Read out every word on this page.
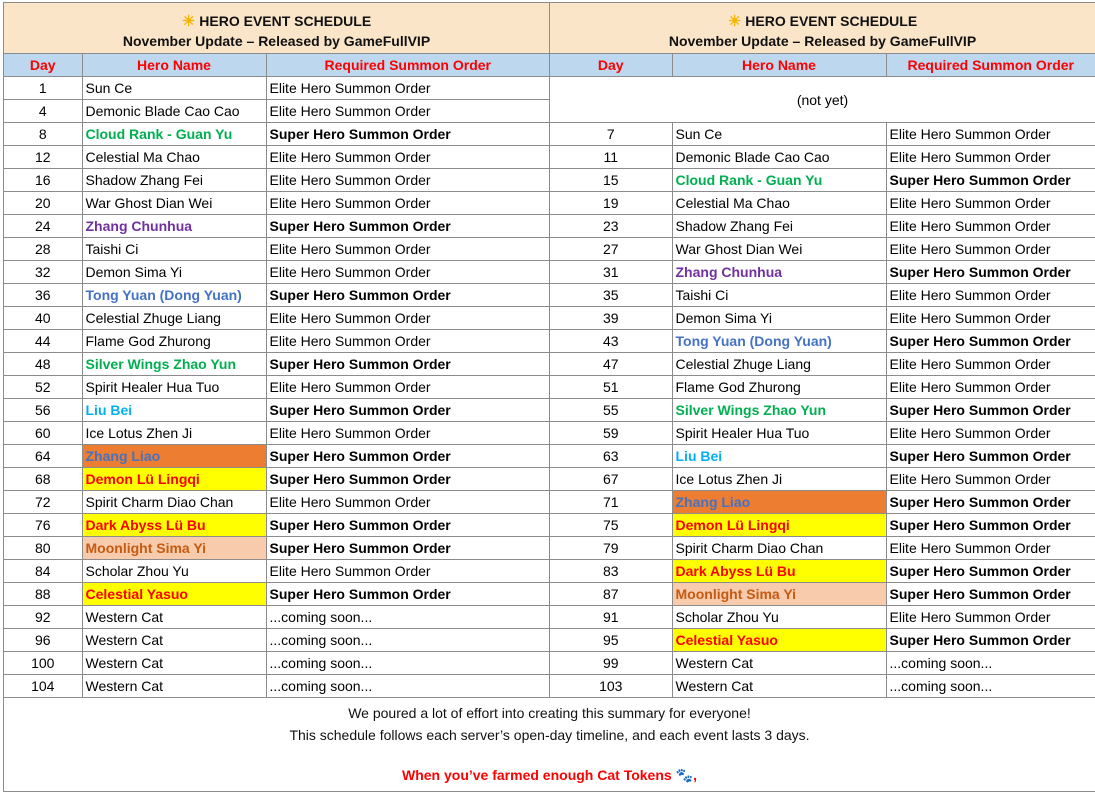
☀ HERO EVENT SCHEDULE
November Update – Released by GameFullVIP
Day	Hero Name	Required Summon Order
1	Sun Ce	Elite Hero Summon Order
4	Demonic Blade Cao Cao	Elite Hero Summon Order
8	Cloud Rank - Guan Yu	Super Hero Summon Order
12	Celestial Ma Chao	Elite Hero Summon Order
16	Shadow Zhang Fei	Elite Hero Summon Order
20	War Ghost Dian Wei	Elite Hero Summon Order
24	Zhang Chunhua	Super Hero Summon Order
28	Taishi Ci	Elite Hero Summon Order
32	Demon Sima Yi	Elite Hero Summon Order
36	Tong Yuan (Dong Yuan)	Super Hero Summon Order
40	Celestial Zhuge Liang	Elite Hero Summon Order
44	Flame God Zhurong	Elite Hero Summon Order
48	Silver Wings Zhao Yun	Super Hero Summon Order
52	Spirit Healer Hua Tuo	Elite Hero Summon Order
56	Liu Bei	Super Hero Summon Order
60	Ice Lotus Zhen Ji	Elite Hero Summon Order
64	Zhang Liao	Super Hero Summon Order
68	Demon Lü Lingqi	Super Hero Summon Order
72	Spirit Charm Diao Chan	Elite Hero Summon Order
76	Dark Abyss Lü Bu	Super Hero Summon Order
80	Moonlight Sima Yi	Super Hero Summon Order
84	Scholar Zhou Yu	Elite Hero Summon Order
88	Celestial Yasuo	Super Hero Summon Order
92	Western Cat	...coming soon...
96	Western Cat	...coming soon...
100	Western Cat	...coming soon...
104	Western Cat	...coming soon...
☀ HERO EVENT SCHEDULE
November Update – Released by GameFullVIP
Day	Hero Name	Required Summon Order
(not yet)		
7	Sun Ce	Elite Hero Summon Order
11	Demonic Blade Cao Cao	Elite Hero Summon Order
15	Cloud Rank - Guan Yu	Super Hero Summon Order
19	Celestial Ma Chao	Elite Hero Summon Order
23	Shadow Zhang Fei	Elite Hero Summon Order
27	War Ghost Dian Wei	Elite Hero Summon Order
31	Zhang Chunhua	Super Hero Summon Order
35	Taishi Ci	Elite Hero Summon Order
39	Demon Sima Yi	Elite Hero Summon Order
43	Tong Yuan (Dong Yuan)	Super Hero Summon Order
47	Celestial Zhuge Liang	Elite Hero Summon Order
51	Flame God Zhurong	Elite Hero Summon Order
55	Silver Wings Zhao Yun	Super Hero Summon Order
59	Spirit Healer Hua Tuo	Elite Hero Summon Order
63	Liu Bei	Super Hero Summon Order
67	Ice Lotus Zhen Ji	Elite Hero Summon Order
71	Zhang Liao	Super Hero Summon Order
75	Demon Lü Lingqi	Super Hero Summon Order
79	Spirit Charm Diao Chan	Elite Hero Summon Order
83	Dark Abyss Lü Bu	Super Hero Summon Order
87	Moonlight Sima Yi	Super Hero Summon Order
91	Scholar Zhou Yu	Elite Hero Summon Order
95	Celestial Yasuo	Super Hero Summon Order
99	Western Cat	...coming soon...
103	Western Cat	...coming soon...
We poured a lot of effort into creating this summary for everyone!
This schedule follows each server’s open-day timeline, and each event lasts 3 days.
When you’ve farmed enough Cat Tokens 🐾,
